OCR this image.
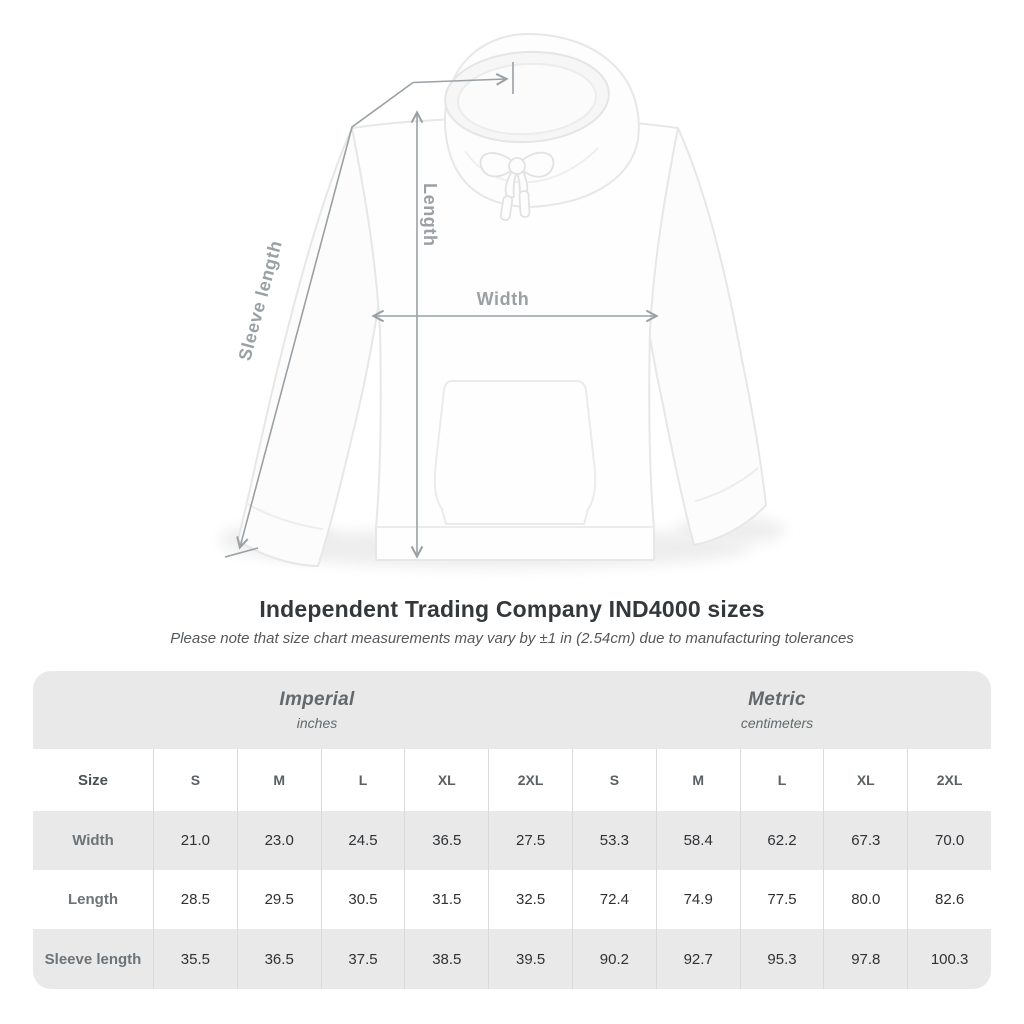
Length
Width
Sleeve length
Independent Trading Company IND4000 sizes

Please note that size chart measurements may vary by ±1 in (2.54cm) due to manufacturing tolerances

Imperial
inches
Metric
centimeters
Size	S	M	L	XL	2XL	S	M	L	XL	2XL
Width	21.0	23.0	24.5	36.5	27.5	53.3	58.4	62.2	67.3	70.0
Length	28.5	29.5	30.5	31.5	32.5	72.4	74.9	77.5	80.0	82.6
Sleeve length	35.5	36.5	37.5	38.5	39.5	90.2	92.7	95.3	97.8	100.3
